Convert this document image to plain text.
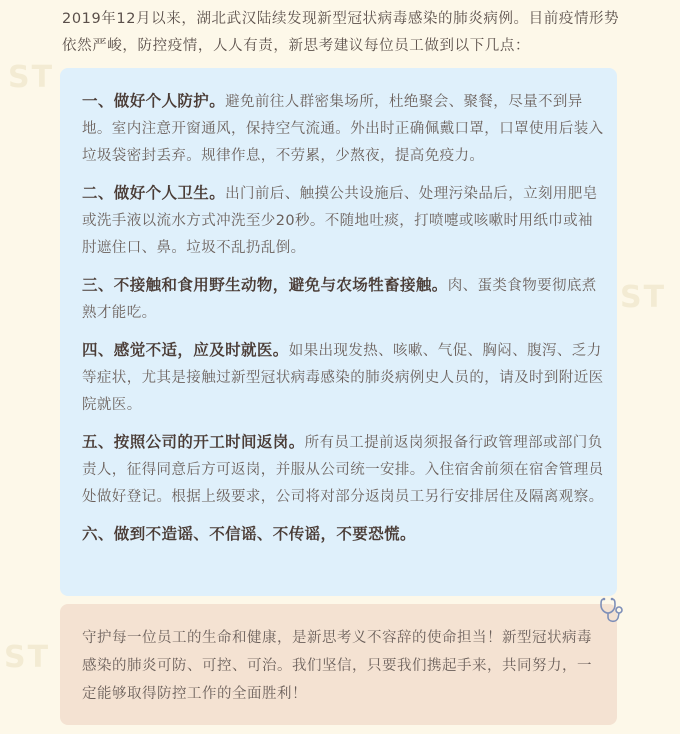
ST
ST
ST
2019年12月以来，湖北武汉陆续发现新型冠状病毒感染的肺炎病例。目前疫情形势依然严峻，防控疫情，人人有责，新思考建议每位员工做到以下几点：
一、做好个人防护。避免前往人群密集场所，杜绝聚会、聚餐，尽量不到异地。室内注意开窗通风，保持空气流通。外出时正确佩戴口罩，口罩使用后装入垃圾袋密封丢弃。规律作息，不劳累，少熬夜，提高免疫力。
二、做好个人卫生。出门前后、触摸公共设施后、处理污染品后，立刻用肥皂或洗手液以流水方式冲洗至少20秒。不随地吐痰，打喷嚏或咳嗽时用纸巾或袖肘遮住口、鼻。垃圾不乱扔乱倒。
三、不接触和食用野生动物，避免与农场牲畜接触。肉、蛋类食物要彻底煮熟才能吃。
四、感觉不适，应及时就医。如果出现发热、咳嗽、气促、胸闷、腹泻、乏力等症状，尤其是接触过新型冠状病毒感染的肺炎病例史人员的，请及时到附近医院就医。
五、按照公司的开工时间返岗。所有员工提前返岗须报备行政管理部或部门负责人，征得同意后方可返岗，并服从公司统一安排。入住宿舍前须在宿舍管理员处做好登记。根据上级要求，公司将对部分返岗员工另行安排居住及隔离观察。
六、做到不造谣、不信谣、不传谣，不要恐慌。
守护每一位员工的生命和健康，是新思考义不容辞的使命担当！新型冠状病毒感染的肺炎可防、可控、可治。我们坚信，只要我们携起手来，共同努力，一定能够取得防控工作的全面胜利！
